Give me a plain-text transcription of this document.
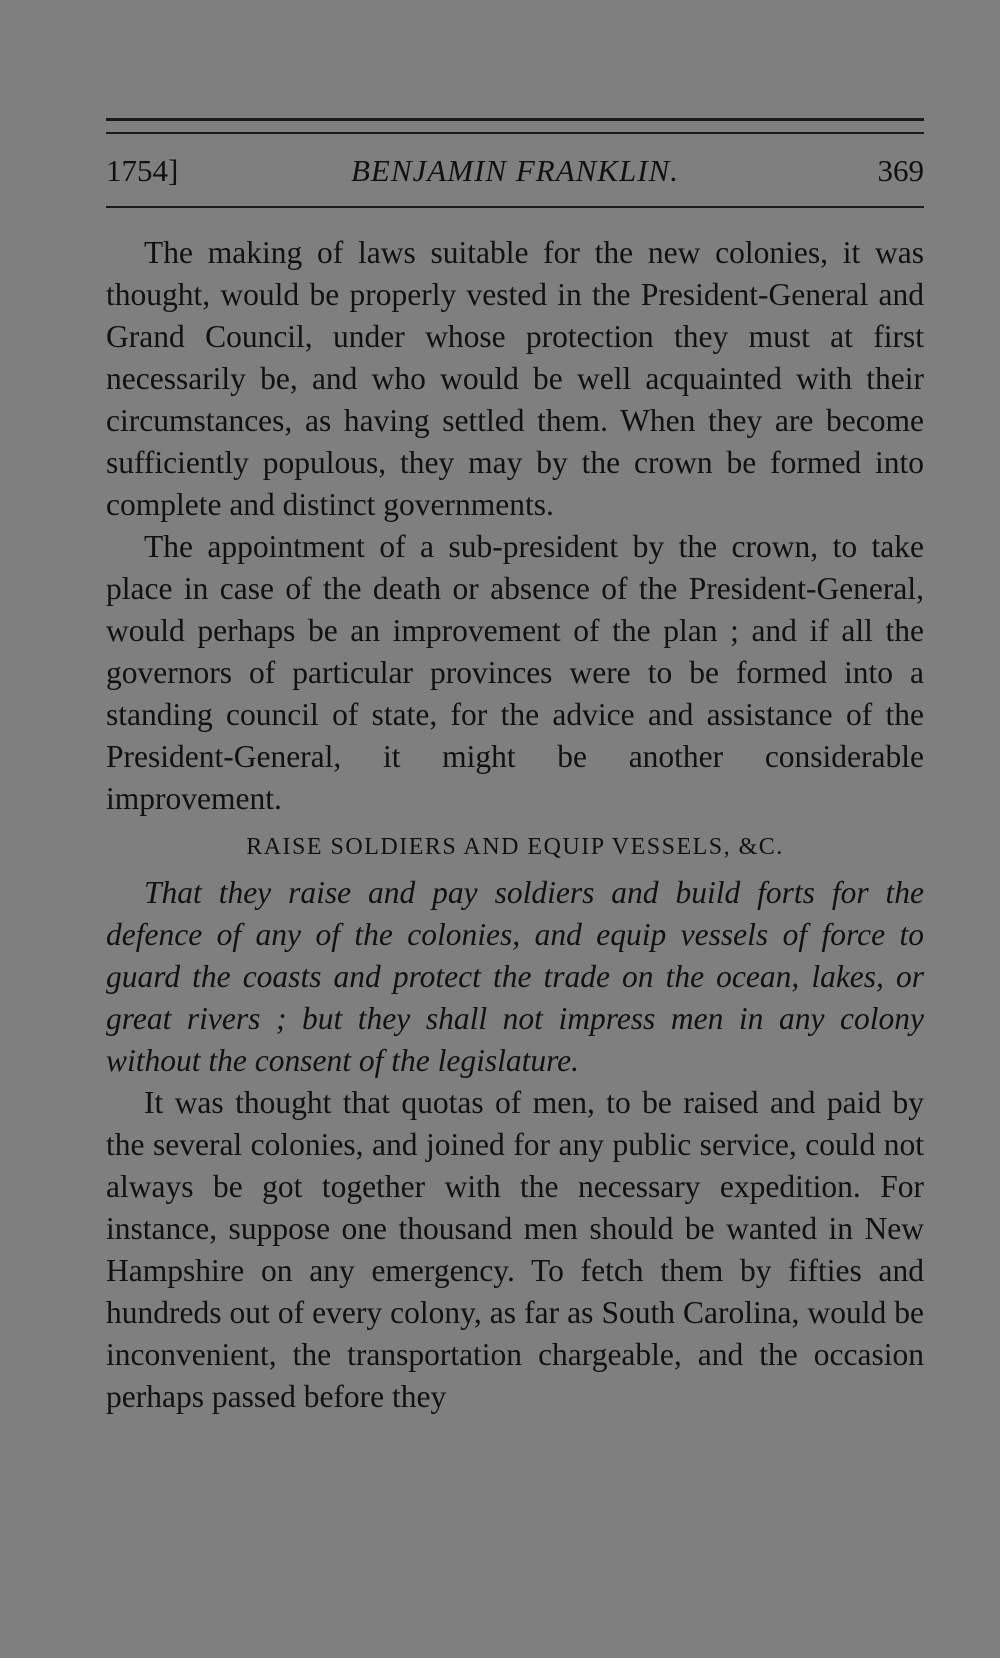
1754]	BENJAMIN FRANKLIN.	369

The making of laws suitable for the new colonies, it was thought, would be properly vested in the President-General and Grand Council, under whose protection they must at first necessarily be, and who would be well acquainted with their circumstances, as having settled them. When they are become sufficiently populous, they may by the crown be formed into complete and distinct governments.

The appointment of a sub-president by the crown, to take place in case of the death or absence of the President-General, would perhaps be an improvement of the plan ; and if all the governors of particular provinces were to be formed into a standing council of state, for the advice and assistance of the President-General, it might be another considerable improvement.

RAISE SOLDIERS AND EQUIP VESSELS, &C.

That they raise and pay soldiers and build forts for the defence of any of the colonies, and equip vessels of force to guard the coasts and protect the trade on the ocean, lakes, or great rivers ; but they shall not impress men in any colony without the consent of the legislature.

It was thought that quotas of men, to be raised and paid by the several colonies, and joined for any public service, could not always be got together with the necessary expedition. For instance, suppose one thousand men should be wanted in New Hampshire on any emergency. To fetch them by fifties and hundreds out of every colony, as far as South Carolina, would be inconvenient, the transportation chargeable, and the occasion perhaps passed before they
